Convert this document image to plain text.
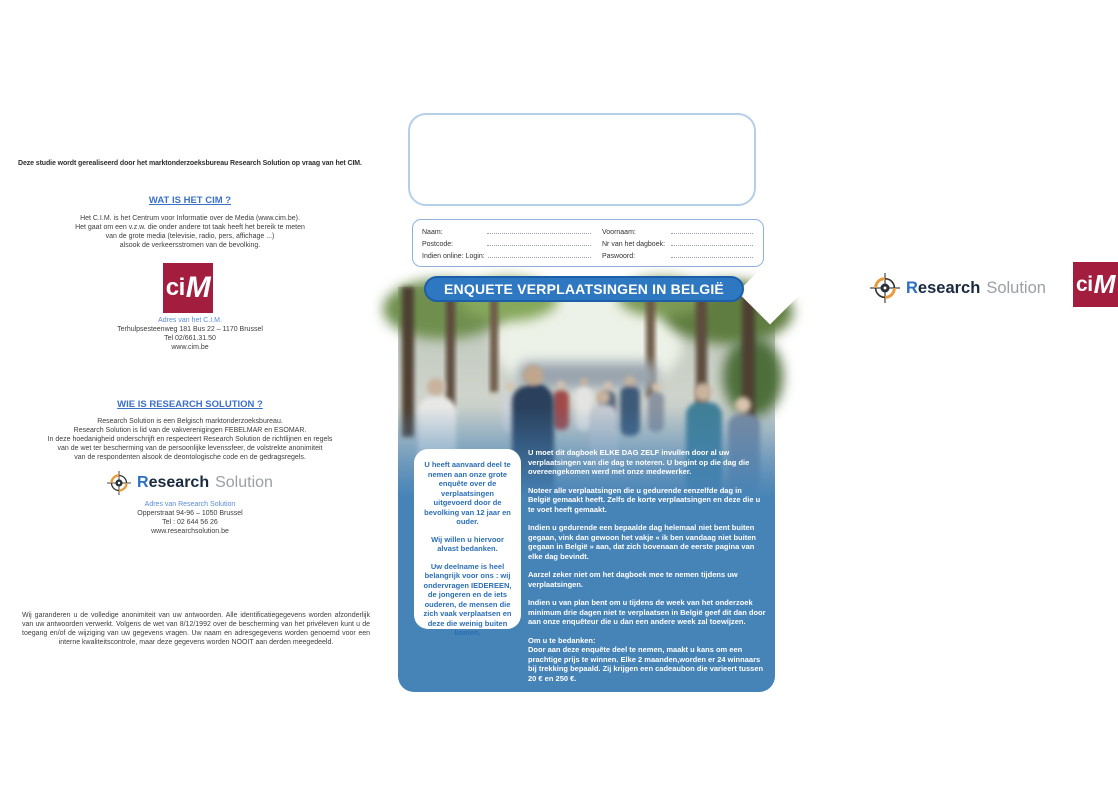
Deze studie wordt gerealiseerd door het marktonderzoeksbureau Research Solution op vraag van het CIM.

WAT IS HET CIM ?
Het C.I.M. is het Centrum voor Informatie over de Media (www.cim.be).
Het gaat om een v.z.w. die onder andere tot taak heeft het bereik te meten
van de grote media (televisie, radio, pers, affichage ...)
alsook de verkeersstromen van de bevolking.
ci M
Adres van het C.I.M.
Terhulpsesteenweg 181 Bus 22 – 1170 Brussel
Tel 02/661.31.50
www.cim.be
WIE IS RESEARCH SOLUTION ?
Research Solution is een Belgisch marktonderzoeksbureau.
Research Solution is lid van de vakverenigingen FEBELMAR en ESOMAR.
In deze hoedanigheid onderschrijft en respecteert Research Solution de richtlijnen en regels
van de wet ter bescherming van de persoonlijke levenssfeer, de volstrekte anonimiteit
van de respondenten alsook de deontologische code en de gedragsregels.
Research Solution
Adres van Research Solution
Opperstraat 94-96 – 1050 Brussel
Tel : 02 644 56 26
www.researchsolution.be

Wij garanderen u de volledige anonimiteit van uw antwoorden. Alle identificatiegegevens worden afzonderlijk van uw antwoorden verwerkt. Volgens de wet van 8/12/1992 over de bescherming van het privéleven kunt u de toegang en/of de wijziging van uw gegevens vragen. Uw naam en adresgegevens worden genoemd voor een interne kwaliteitscontrole, maar deze gegevens worden NOOIT aan derden meegedeeld.

Research Solution ci M
Naam:	Voornaam:
Postcode:	Nr van het dagboek:
Indien online: Login:	Paswoord:
ENQUETE VERPLAATSINGEN IN BELGIË

U heeft aanvaard deel te nemen aan onze grote enquête over de verplaatsingen uitgevoerd door de bevolking van 12 jaar en ouder.

Wij willen u hiervoor alvast bedanken.

Uw deelname is heel belangrijk voor ons : wij ondervragen IEDEREEN, de jongeren en de iets ouderen, de mensen die zich vaak verplaatsen en deze die weinig buiten komen.

U moet dit dagboek ELKE DAG ZELF invullen door al uw verplaatsingen van die dag te noteren. U begint op die dag die overeengekomen werd met onze medewerker.

Noteer alle verplaatsingen die u gedurende eenzelfde dag in België gemaakt heeft. Zelfs de korte verplaatsingen en deze die u te voet heeft gemaakt.

Indien u gedurende een bepaalde dag helemaal niet bent buiten gegaan, vink dan gewoon het vakje « ik ben vandaag niet buiten gegaan in België » aan, dat zich bovenaan de eerste pagina van elke dag bevindt.

Aarzel zeker niet om het dagboek mee te nemen tijdens uw verplaatsingen.

Indien u van plan bent om u tijdens de week van het onderzoek minimum drie dagen niet te verplaatsen in België geef dit dan door aan onze enquêteur die u dan een andere week zal toewijzen.

Om u te bedanken:

Door aan deze enquête deel te nemen, maakt u kans om een prachtige prijs te winnen. Elke 2 maanden,worden er 24 winnaars bij trekking bepaald. Zij krijgen een cadeaubon die varieert tussen 20 € en 250 €.
